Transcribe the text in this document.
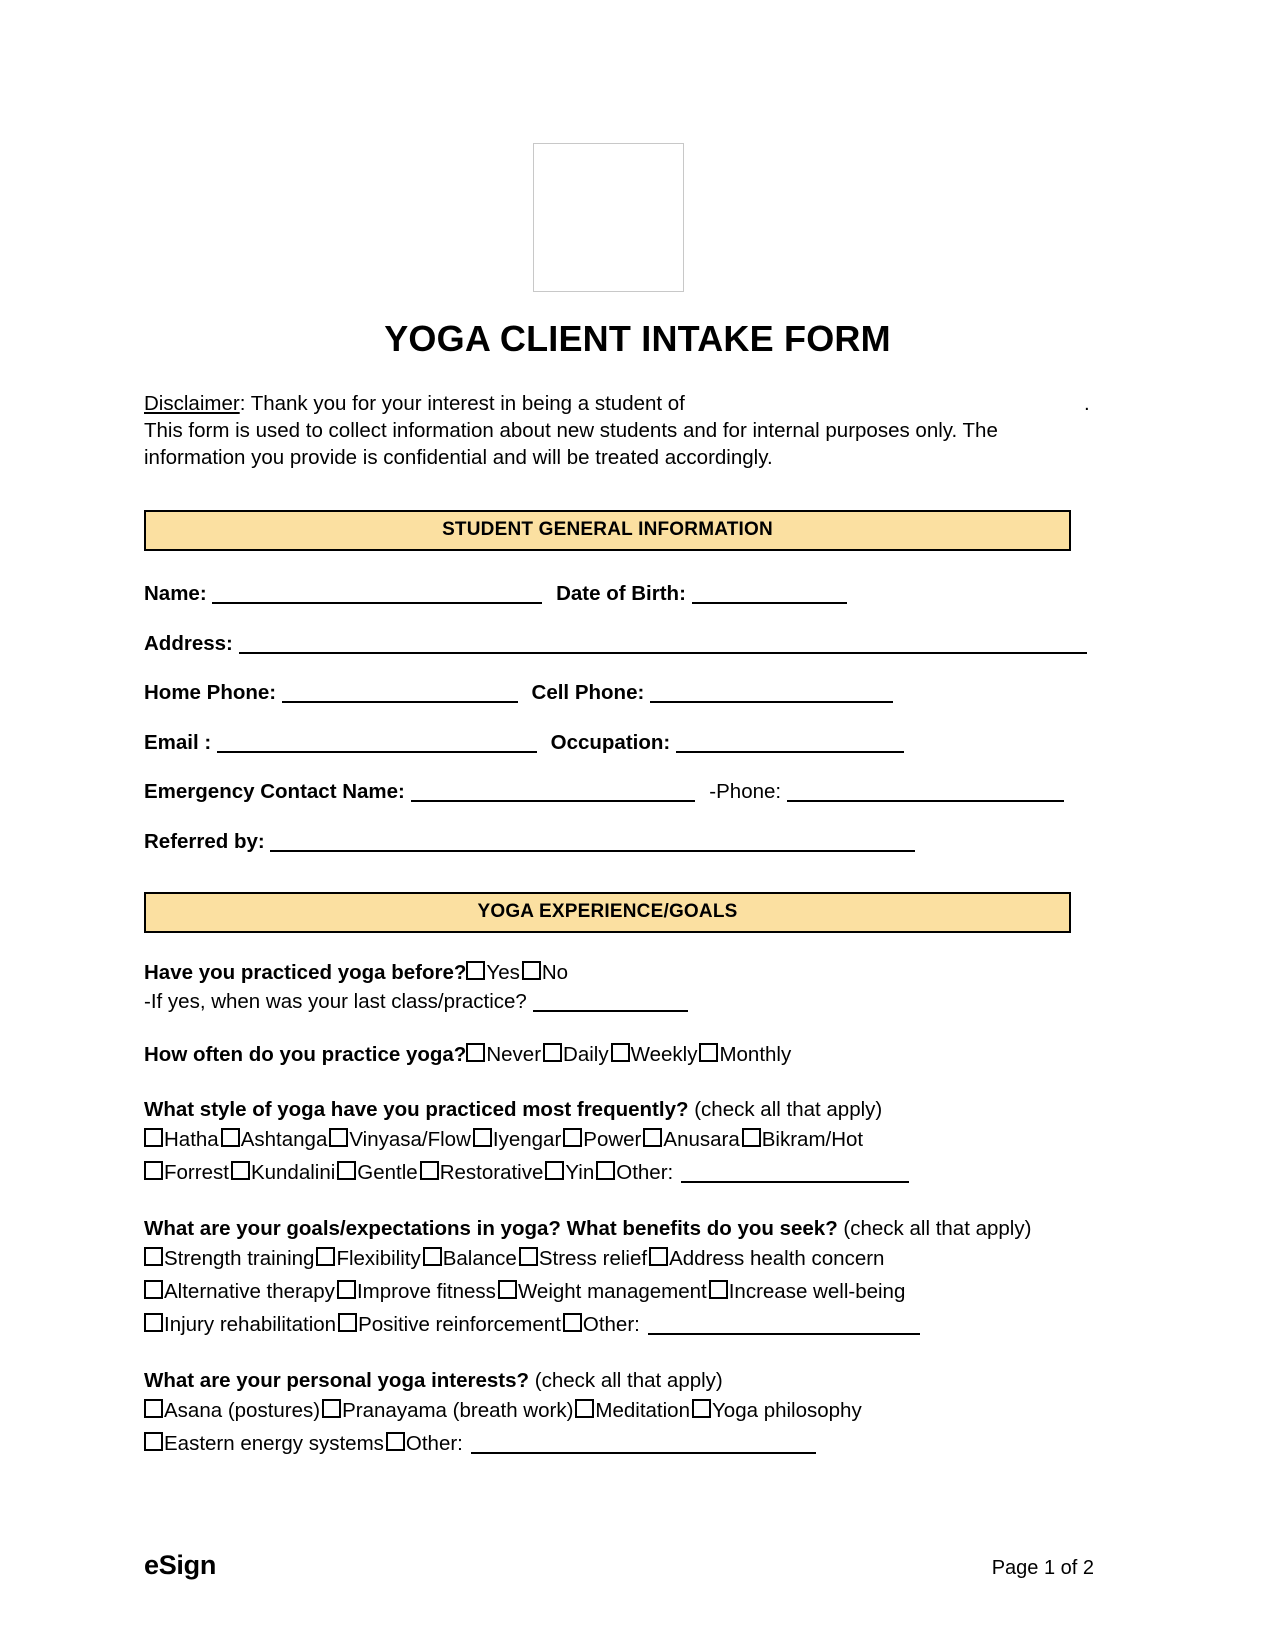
YOGA CLIENT INTAKE FORM
Disclaimer: Thank you for your interest in being a student of	.
This form is used to collect information about new students and for internal purposes only. The
information you provide is confidential and will be treated accordingly.
STUDENT GENERAL INFORMATION
Name:	Date of Birth:
Address:
Home Phone:	Cell Phone:
Email :	Occupation:
Emergency Contact Name:	-Phone:
Referred by:
YOGA EXPERIENCE/GOALS
Have you practiced yoga before? Yes No
-If yes, when was your last class/practice?
How often do you practice yoga? Never Daily Weekly Monthly
What style of yoga have you practiced most frequently? (check all that apply)
Hatha Ashtanga Vinyasa/Flow Iyengar Power Anusara Bikram/Hot
Forrest Kundalini Gentle Restorative Yin Other:
What are your goals/expectations in yoga? What benefits do you seek? (check all that apply)
Strength training Flexibility Balance Stress relief Address health concern
Alternative therapy Improve fitness Weight management Increase well-being
Injury rehabilitation Positive reinforcement Other:
What are your personal yoga interests? (check all that apply)
Asana (postures) Pranayama (breath work) Meditation Yoga philosophy
Eastern energy systems Other:
eSign	Page 1 of 2
